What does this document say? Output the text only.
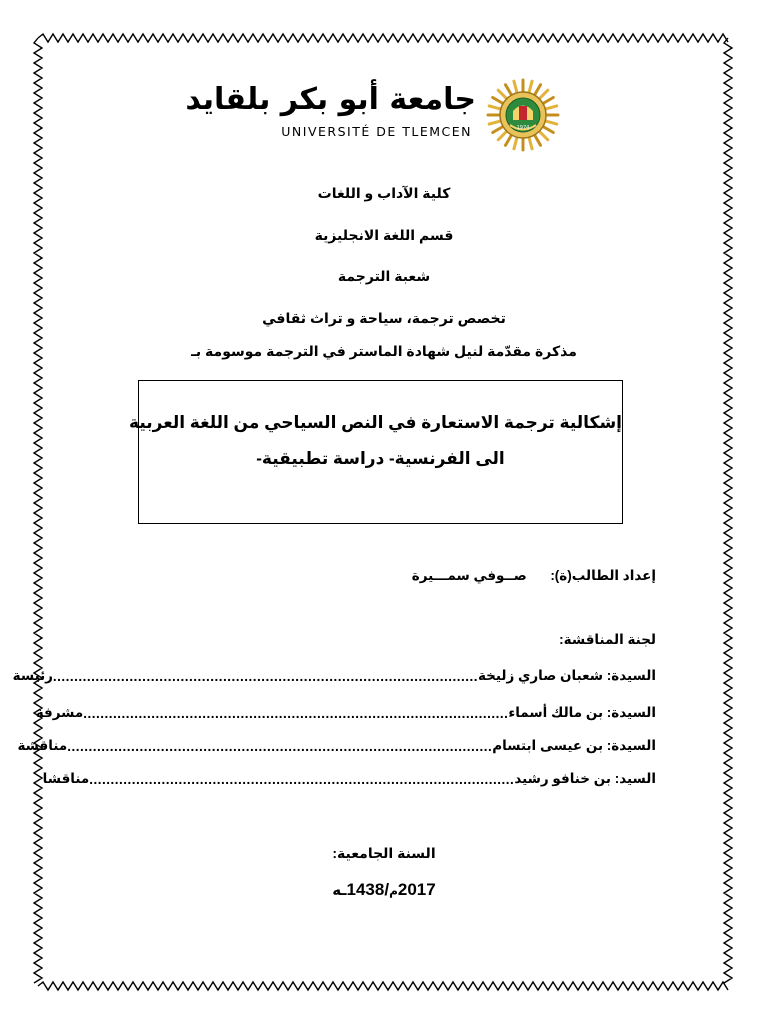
1974
جامعة أبو بكر بلقايد
UNIVERSITÉ DE TLEMCEN
كلية الآداب و اللغات
قسم اللغة الانجليزية
شعبة الترجمة
تخصص ترجمة، سياحة و تراث ثقافي
مذكرة مقدّمة لنيل شهادة الماستر في الترجمة موسومة بـ
إشكالية ترجمة الاستعارة في النص السياحي من اللغة العربية
الى الفرنسية- دراسة تطبيقية-
إعداد الطالب(ة):  صــوفي سمـــيرة
لجنة المناقشة:
السيدة: شعبان صاري زليخة
....................................................................................................
رئيسة
السيدة: بن مالك أسماء
....................................................................................................
مشرفة
السيدة: بن عيسى ابتسام
....................................................................................................
مناقشة
السيد: بن خنافو رشيد
....................................................................................................
مناقشا
السنة الجامعية:
هـ1438/م2017
